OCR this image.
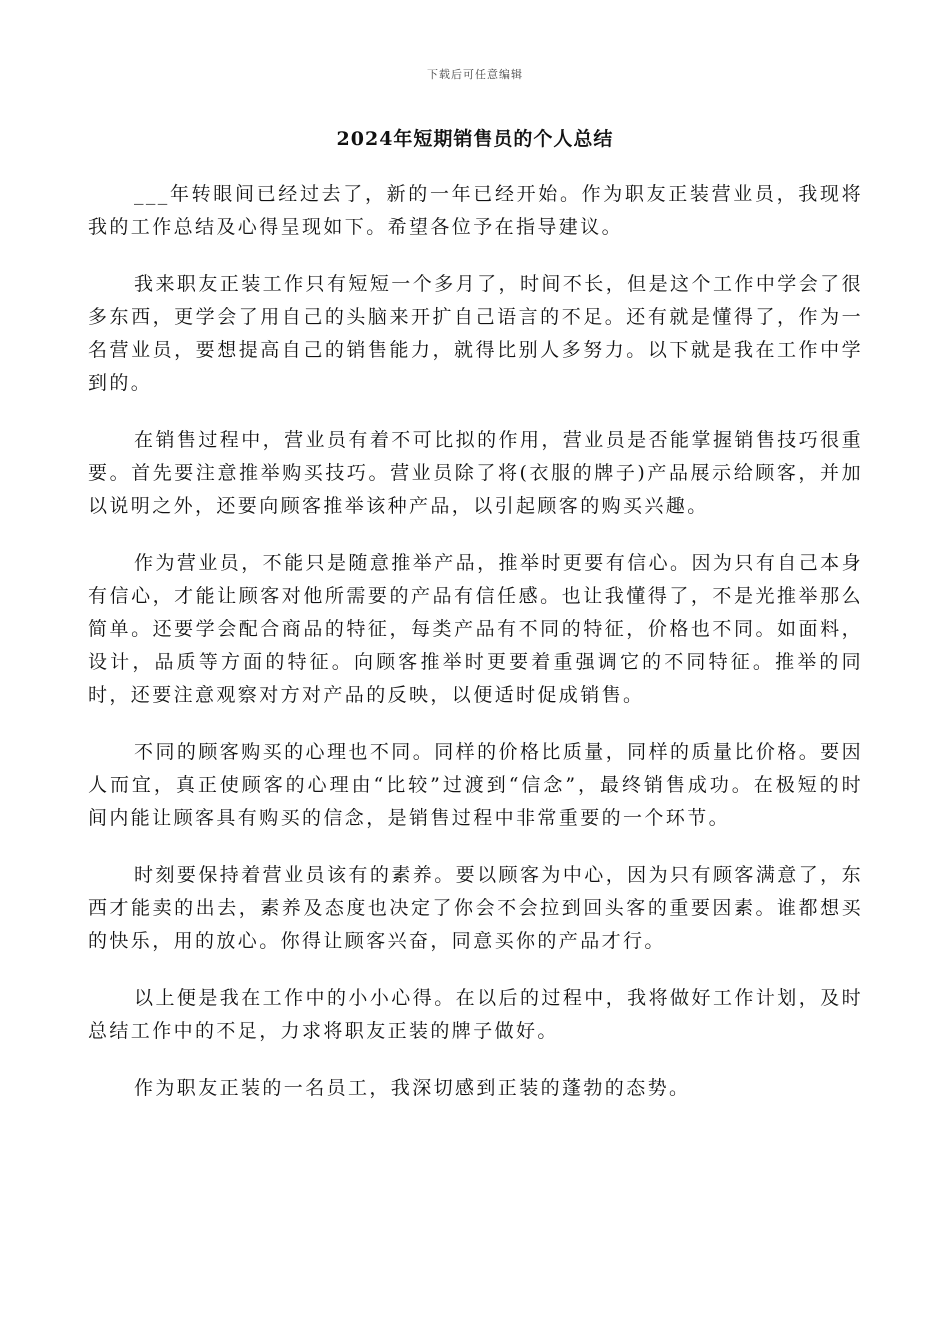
下载后可任意编辑
2024年短期销售员的个人总结

___年转眼间已经过去了，新的一年已经开始。作为职友正装营业员，我现将我的工作总结及心得呈现如下。希望各位予在指导建议。

我来职友正装工作只有短短一个多月了，时间不长，但是这个工作中学会了很多东西，更学会了用自己的头脑来开扩自己语言的不足。还有就是懂得了，作为一名营业员，要想提高自己的销售能力，就得比别人多努力。以下就是我在工作中学到的。

在销售过程中，营业员有着不可比拟的作用，营业员是否能掌握销售技巧很重要。首先要注意推举购买技巧。营业员除了将(衣服的牌子)产品展示给顾客，并加以说明之外，还要向顾客推举该种产品，以引起顾客的购买兴趣。

作为营业员，不能只是随意推举产品，推举时更要有信心。因为只有自己本身有信心，才能让顾客对他所需要的产品有信任感。也让我懂得了，不是光推举那么简单。还要学会配合商品的特征，每类产品有不同的特征，价格也不同。如面料，设计，品质等方面的特征。向顾客推举时更要着重强调它的不同特征。推举的同时，还要注意观察对方对产品的反映，以便适时促成销售。

不同的顾客购买的心理也不同。同样的价格比质量，同样的质量比价格。要因人而宜，真正使顾客的心理由“比较”过渡到“信念”，最终销售成功。在极短的时间内能让顾客具有购买的信念，是销售过程中非常重要的一个环节。

时刻要保持着营业员该有的素养。要以顾客为中心，因为只有顾客满意了，东西才能卖的出去，素养及态度也决定了你会不会拉到回头客的重要因素。谁都想买的快乐，用的放心。你得让顾客兴奋，同意买你的产品才行。

以上便是我在工作中的小小心得。在以后的过程中，我将做好工作计划，及时总结工作中的不足，力求将职友正装的牌子做好。

作为职友正装的一名员工，我深切感到正装的蓬勃的态势。
